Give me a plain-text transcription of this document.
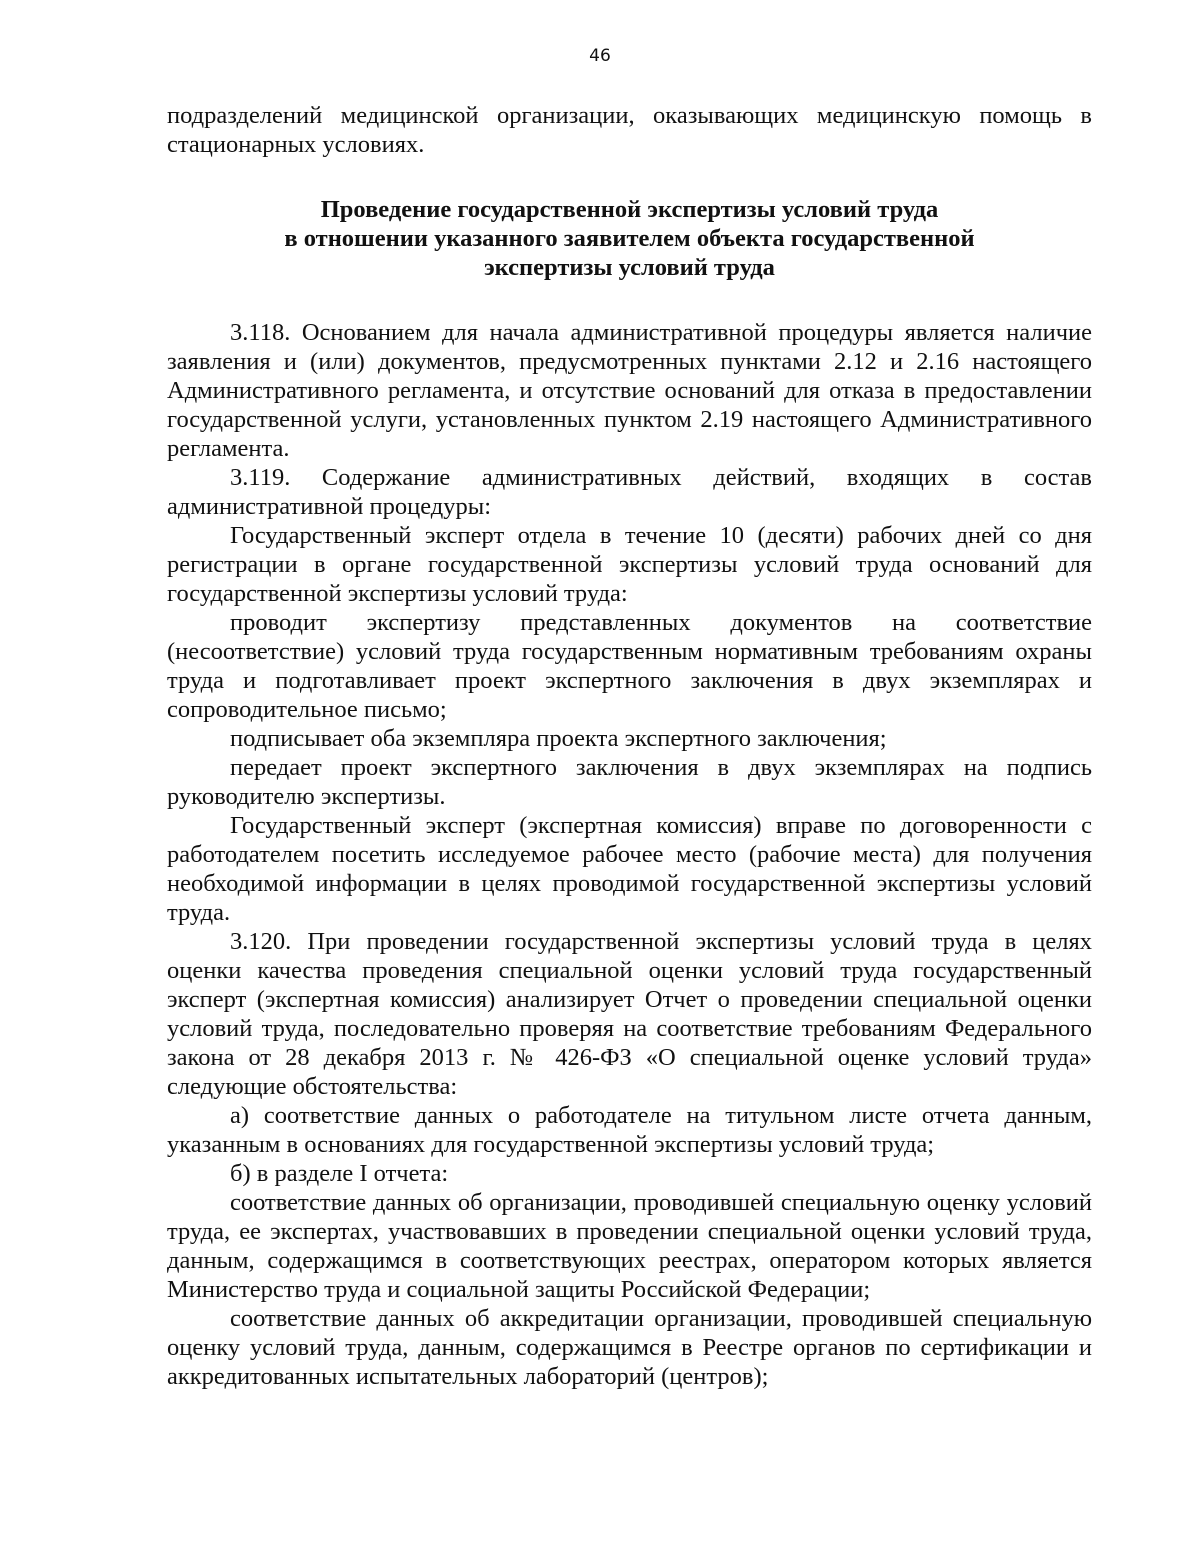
46

подразделений медицинской организации, оказывающих медицинскую помощь в стационарных условиях.

Проведение государственной экспертизы условий труда
в отношении указанного заявителем объекта государственной
экспертизы условий труда

3.118. Основанием для начала административной процедуры является наличие заявления и (или) документов, предусмотренных пунктами 2.12 и 2.16 настоящего Административного регламента, и отсутствие оснований для отказа в предоставлении государственной услуги, установленных пунктом 2.19 настоящего Административного регламента.

3.119. Содержание административных действий, входящих в состав административной процедуры:

Государственный эксперт отдела в течение 10 (десяти) рабочих дней со дня регистрации в органе государственной экспертизы условий труда оснований для государственной экспертизы условий труда:

проводит экспертизу представленных документов на соответствие (несоответствие) условий труда государственным нормативным требованиям охраны труда и подготавливает проект экспертного заключения в двух экземплярах и сопроводительное письмо;

подписывает оба экземпляра проекта экспертного заключения;

передает проект экспертного заключения в двух экземплярах на подпись руководителю экспертизы.

Государственный эксперт (экспертная комиссия) вправе по договоренности с работодателем посетить исследуемое рабочее место (рабочие места) для получения необходимой информации в целях проводимой государственной экспертизы условий труда.

3.120. При проведении государственной экспертизы условий труда в целях оценки качества проведения специальной оценки условий труда государственный эксперт (экспертная комиссия) анализирует Отчет о проведении специальной оценки условий труда, последовательно проверяя на соответствие требованиям Федерального закона от 28 декабря 2013 г. № 426-ФЗ «О специальной оценке условий труда» следующие обстоятельства:

а) соответствие данных о работодателе на титульном листе отчета данным, указанным в основаниях для государственной экспертизы условий труда;

б) в разделе I отчета:

соответствие данных об организации, проводившей специальную оценку условий труда, ее экспертах, участвовавших в проведении специальной оценки условий труда, данным, содержащимся в соответствующих реестрах, оператором которых является Министерство труда и социальной защиты Российской Федерации;

соответствие данных об аккредитации организации, проводившей специальную оценку условий труда, данным, содержащимся в Реестре органов по сертификации и аккредитованных испытательных лабораторий (центров);
